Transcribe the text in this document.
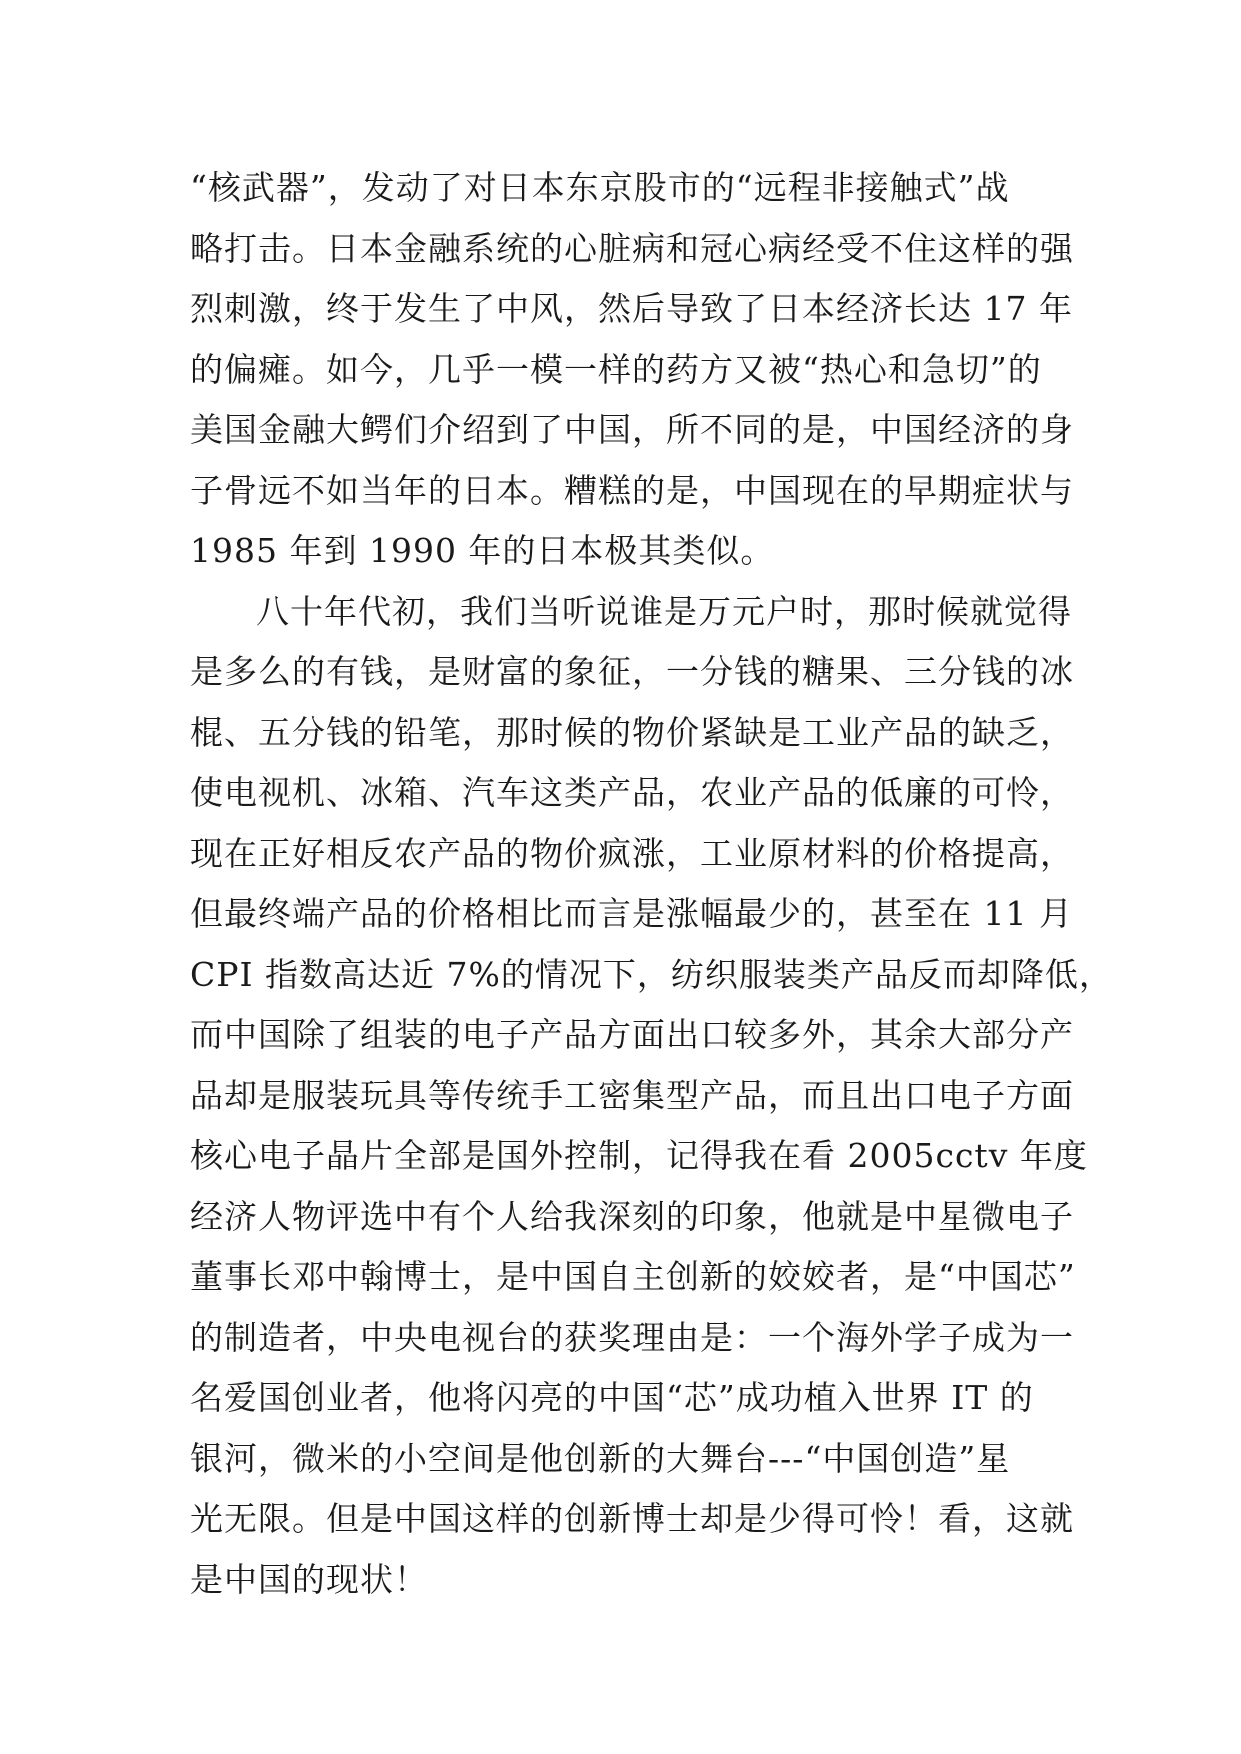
“核武器”，发动了对日本东京股市的“远程非接触式”战
略打击。日本金融系统的心脏病和冠心病经受不住这样的强
烈刺激，终于发生了中风，然后导致了日本经济长达 17 年
的偏瘫。如今，几乎一模一样的药方又被“热心和急切”的
美国金融大鳄们介绍到了中国，所不同的是，中国经济的身
子骨远不如当年的日本。糟糕的是，中国现在的早期症状与
1985 年到 1990 年的日本极其类似。
八十年代初，我们当听说谁是万元户时，那时候就觉得
是多么的有钱，是财富的象征，一分钱的糖果、三分钱的冰
棍、五分钱的铅笔，那时候的物价紧缺是工业产品的缺乏，
使电视机、冰箱、汽车这类产品，农业产品的低廉的可怜，
现在正好相反农产品的物价疯涨，工业原材料的价格提高，
但最终端产品的价格相比而言是涨幅最少的，甚至在 11 月
CPI 指数高达近 7%的情况下，纺织服装类产品反而却降低，
而中国除了组装的电子产品方面出口较多外，其余大部分产
品却是服装玩具等传统手工密集型产品，而且出口电子方面
核心电子晶片全部是国外控制，记得我在看 2005cctv 年度
经济人物评选中有个人给我深刻的印象，他就是中星微电子
董事长邓中翰博士，是中国自主创新的姣姣者，是“中国芯”
的制造者，中央电视台的获奖理由是：一个海外学子成为一
名爱国创业者，他将闪亮的中国“芯”成功植入世界 IT 的
银河，微米的小空间是他创新的大舞台---“中国创造”星
光无限。但是中国这样的创新博士却是少得可怜！看，这就
是中国的现状！
